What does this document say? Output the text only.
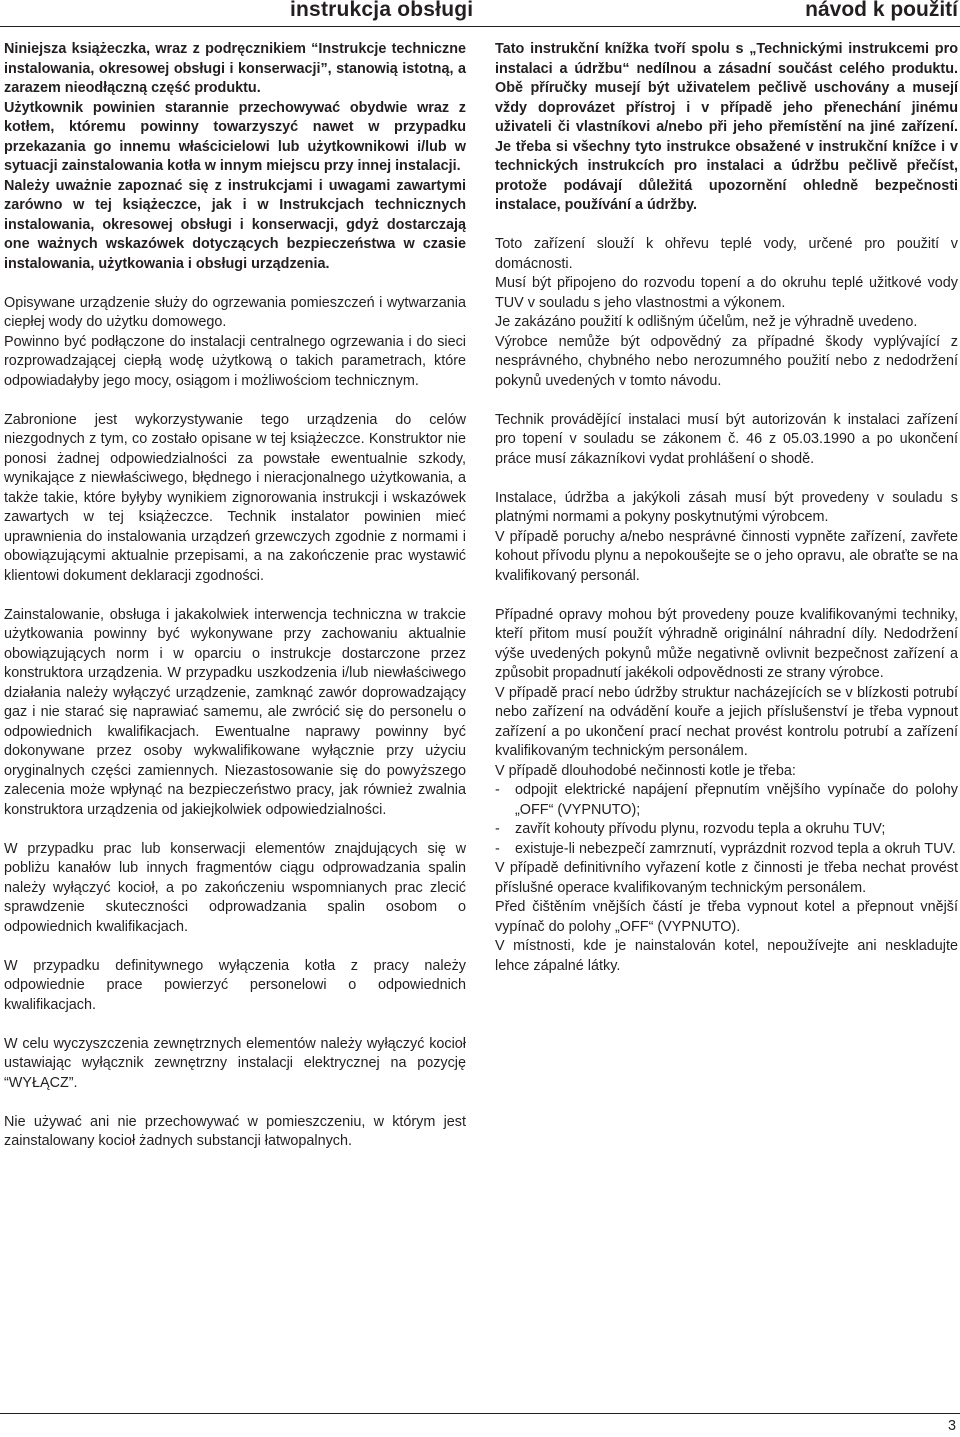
instrukcja obsługi	návod k použití

Niniejsza książeczka, wraz z podręcznikiem “Instrukcje techniczne instalowania, okresowej obsługi i konserwacji”, stanowią istotną, a zarazem nieodłączną część produktu.

Użytkownik powinien starannie przechowywać obydwie wraz z kotłem, któremu powinny towarzyszyć nawet w przypadku przekazania go innemu właścicielowi lub użytkownikowi i/lub w sytuacji zainstalowania kotła w innym miejscu przy innej instalacji.

Należy uważnie zapoznać się z instrukcjami i uwagami zawartymi zarówno w tej książeczce, jak i w Instrukcjach technicznych instalowania, okresowej obsługi i konserwacji, gdyż dostarczają one ważnych wskazówek dotyczących bezpieczeństwa w czasie instalowania, użytkowania i obsługi urządzenia.

Opisywane urządzenie służy do ogrzewania pomieszczeń i wytwarzania ciepłej wody do użytku domowego.

Powinno być podłączone do instalacji centralnego ogrzewania i do sieci rozprowadzającej ciepłą wodę użytkową o takich parametrach, które odpowiadałyby jego mocy, osiągom i możliwościom technicznym.

Zabronione jest wykorzystywanie tego urządzenia do celów niezgodnych z tym, co zostało opisane w tej książeczce. Konstruktor nie ponosi żadnej odpowiedzialności za powstałe ewentualnie szkody, wynikające z niewłaściwego, błędnego i nieracjonalnego użytkowania, a także takie, które byłyby wynikiem zignorowania instrukcji i wskazówek zawartych w tej książeczce. Technik instalator powinien mieć uprawnienia do instalowania urządzeń grzewczych zgodnie z normami i obowiązującymi aktualnie przepisami, a na zakończenie prac wystawić klientowi dokument deklaracji zgodności.

Zainstalowanie, obsługa i jakakolwiek interwencja techniczna w trakcie użytkowania powinny być wykonywane przy zachowaniu aktualnie obowiązujących norm i w oparciu o instrukcje dostarczone przez konstruktora urządzenia. W przypadku uszkodzenia i/lub niewłaściwego działania należy wyłączyć urządzenie, zamknąć zawór doprowadzający gaz i nie starać się naprawiać samemu, ale zwrócić się do personelu o odpowiednich kwalifikacjach. Ewentualne naprawy powinny być dokonywane przez osoby wykwalifikowane wyłącznie przy użyciu oryginalnych części zamiennych. Niezastosowanie się do powyższego zalecenia może wpłynąć na bezpieczeństwo pracy, jak również zwalnia konstruktora urządzenia od jakiejkolwiek odpowiedzialności.

W przypadku prac lub konserwacji elementów znajdujących się w pobliżu kanałów lub innych fragmentów ciągu odprowadzania spalin należy wyłączyć kocioł, a po zakończeniu wspomnianych prac zlecić sprawdzenie skuteczności odprowadzania spalin osobom o odpowiednich kwalifikacjach.

W przypadku definitywnego wyłączenia kotła z pracy należy odpowiednie prace powierzyć personelowi o odpowiednich kwalifikacjach.

W celu wyczyszczenia zewnętrznych elementów należy wyłączyć kocioł ustawiając wyłącznik zewnętrzny instalacji elektrycznej na pozycję “WYŁĄCZ”.

Nie używać ani nie przechowywać w pomieszczeniu, w którym jest zainstalowany kocioł żadnych substancji łatwopalnych.

Tato instrukční knížka tvoří spolu s „Technickými instrukcemi pro instalaci a údržbu“ nedílnou a zásadní součást celého produktu. Obě příručky musejí být uživatelem pečlivě uschovány a musejí vždy doprovázet přístroj i v případě jeho přenechání jinému uživateli či vlastníkovi a/nebo při jeho přemístění na jiné zařízení. Je třeba si všechny tyto instrukce obsažené v instrukční knížce i v technických instrukcích pro instalaci a údržbu pečlivě přečíst, protože podávají důležitá upozornění ohledně bezpečnosti instalace, používání a údržby.

Toto zařízení slouží k ohřevu teplé vody, určené pro použití v domácnosti.

Musí být připojeno do rozvodu topení a do okruhu teplé užitkové vody TUV v souladu s jeho vlastnostmi a výkonem.

Je zakázáno použití k odlišným účelům, než je výhradně uvedeno.

Výrobce nemůže být odpovědný za případné škody vyplývající z nesprávného, chybného nebo nerozumného použití nebo z nedodržení pokynů uvedených v tomto návodu.

Technik provádějící instalaci musí být autorizován k instalaci zařízení pro topení v souladu se zákonem č. 46 z 05.03.1990 a po ukončení práce musí zákazníkovi vydat prohlášení o shodě.

Instalace, údržba a jakýkoli zásah musí být provedeny v souladu s platnými normami a pokyny poskytnutými výrobcem.

V případě poruchy a/nebo nesprávné činnosti vypněte zařízení, zavřete kohout přívodu plynu a nepokoušejte se o jeho opravu, ale obraťte se na kvalifikovaný personál.

Případné opravy mohou být provedeny pouze kvalifikovanými techniky, kteří přitom musí použít výhradně originální náhradní díly. Nedodržení výše uvedených pokynů může negativně ovlivnit bezpečnost zařízení a způsobit propadnutí jakékoli odpovědnosti ze strany výrobce.

V případě prací nebo údržby struktur nacházejících se v blízkosti potrubí nebo zařízení na odvádění kouře a jejich příslušenství je třeba vypnout zařízení a po ukončení prací nechat provést kontrolu potrubí a zařízení kvalifikovaným technickým personálem.

V případě dlouhodobé nečinnosti kotle je třeba:

- odpojit elektrické napájení přepnutím vnějšího vypínače do polohy „OFF“ (VYPNUTO);
- zavřít kohouty přívodu plynu, rozvodu tepla a okruhu TUV;
- existuje-li nebezpečí zamrznutí, vyprázdnit rozvod tepla a okruh TUV.

V případě definitivního vyřazení kotle z činnosti je třeba nechat provést příslušné operace kvalifikovaným technickým personálem.

Před čištěním vnějších částí je třeba vypnout kotel a přepnout vnější vypínač do polohy „OFF“ (VYPNUTO).

V místnosti, kde je nainstalován kotel, nepoužívejte ani neskladujte lehce zápalné látky.

3
